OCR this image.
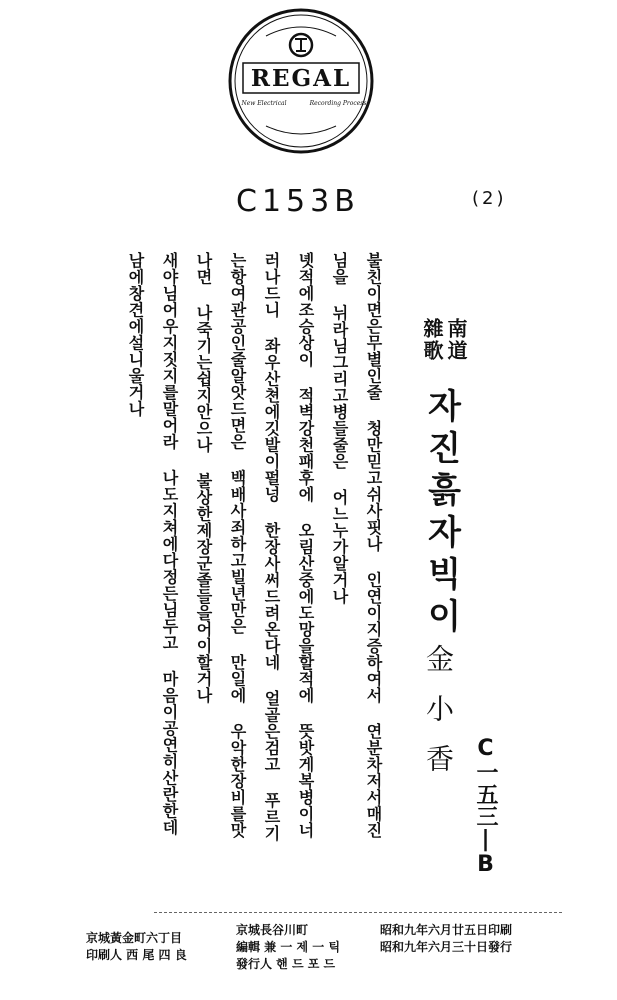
REGAL
New Electrical	Recording Process
C153B	(2)
南道
雜歌
자진흙자빅이
金小香
C一五三|B
불친이면은무별인줄 청만믿고쉬사핏나 인연이지증하여서 연분차저서매진
님을 뉘라님그리고병들줄은 어느누가알거나
녯적에조승상이 적벽강천패후에 오림산중에도망을할적에 뜻밧게복병이너
러나드니 좌우산쳔에깃발이펄넝 한장사써드려온다네 얼골은검고 푸르기
는항여관공인줄알앗드면은 백배사죄하고빌년만은 만일에 우악한장비를맛
나면 나죽기는쉽지안으나 불상한제장군졸들을어이할거나
새야님어우지짓지를말어라 나도지쳐에다정든님두고 마음이공연히산란한데
남에창견에설니울거나
昭和九年六月廿五日印刷
昭和九年六月三十日發行
京城長谷川町
編輯 兼 一 제 一 틱
發行人 핸 드 포 드
京城黃金町六丁目
印刷人 西 尾 四 良
